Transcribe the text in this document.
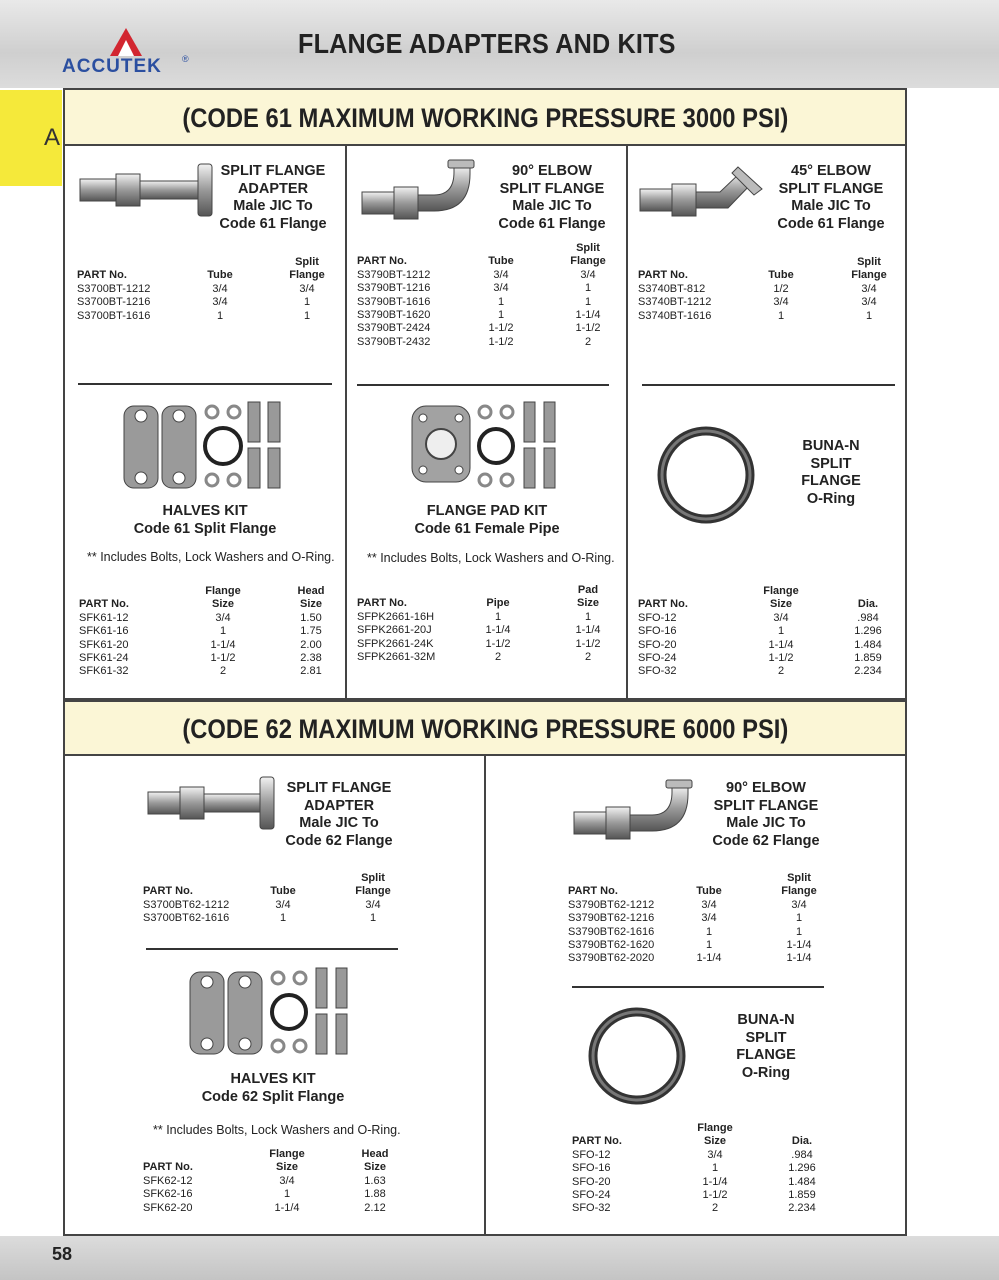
ACCUTEK ®	FLANGE ADAPTERS AND KITS
A
(CODE 61 MAXIMUM WORKING PRESSURE 3000 PSI)
SPLIT FLANGE
ADAPTER
Male JIC To
Code 61 Flange
Split
PART No.	Tube	Flange
S3700BT-1212	3/4	3/4
S3700BT-1216	3/4	1
S3700BT-1616	1	1
90° ELBOW
SPLIT FLANGE
Male JIC To
Code 61 Flange
Split
PART No.	Tube	Flange
S3790BT-1212	3/4	3/4
S3790BT-1216	3/4	1
S3790BT-1616	1	1
S3790BT-1620	1	1-1/4
S3790BT-2424	1-1/2	1-1/2
S3790BT-2432	1-1/2	2
45° ELBOW
SPLIT FLANGE
Male JIC To
Code 61 Flange
Split
PART No.	Tube	Flange
S3740BT-812	1/2	3/4
S3740BT-1212	3/4	3/4
S3740BT-1616	1	1
HALVES KIT
Code 61 Split Flange
** Includes Bolts, Lock Washers and O-Ring.
Flange	Head
PART No.	Size	Size
SFK61-12	3/4	1.50
SFK61-16	1	1.75
SFK61-20	1-1/4	2.00
SFK61-24	1-1/2	2.38
SFK61-32	2	2.81
FLANGE PAD KIT
Code 61 Female Pipe
** Includes Bolts, Lock Washers and O-Ring.
Pad
PART No.	Pipe	Size
SFPK2661-16H	1	1
SFPK2661-20J	1-1/4	1-1/4
SFPK2661-24K	1-1/2	1-1/2
SFPK2661-32M	2	2
BUNA-N
SPLIT
FLANGE
O-Ring
Flange
PART No.	Size	Dia.
SFO-12	3/4	.984
SFO-16	1	1.296
SFO-20	1-1/4	1.484
SFO-24	1-1/2	1.859
SFO-32	2	2.234
(CODE 62 MAXIMUM WORKING PRESSURE 6000 PSI)
SPLIT FLANGE
ADAPTER
Male JIC To
Code 62 Flange
Split
PART No.	Tube	Flange
S3700BT62-1212	3/4	3/4
S3700BT62-1616	1	1
HALVES KIT
Code 62 Split Flange
** Includes Bolts, Lock Washers and O-Ring.
Flange	Head
PART No.	Size	Size
SFK62-12	3/4	1.63
SFK62-16	1	1.88
SFK62-20	1-1/4	2.12
90° ELBOW
SPLIT FLANGE
Male JIC To
Code 62 Flange
Split
PART No.	Tube	Flange
S3790BT62-1212	3/4	3/4
S3790BT62-1216	3/4	1
S3790BT62-1616	1	1
S3790BT62-1620	1	1-1/4
S3790BT62-2020	1-1/4	1-1/4
BUNA-N
SPLIT
FLANGE
O-Ring
Flange
PART No.	Size	Dia.
SFO-12	3/4	.984
SFO-16	1	1.296
SFO-20	1-1/4	1.484
SFO-24	1-1/2	1.859
SFO-32	2	2.234
58
